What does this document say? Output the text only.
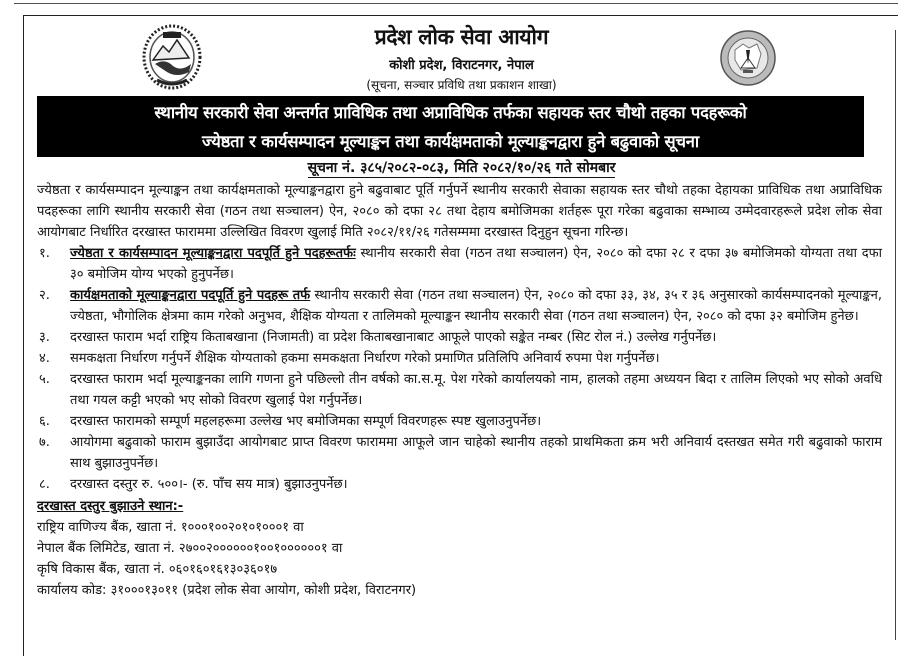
प्रदेश लोक सेवा आयोग
कोशी प्रदेश, विराटनगर, नेपाल
(सूचना, सञ्चार प्रविधि तथा प्रकाशन शाखा)
स्थानीय सरकारी सेवा अन्तर्गत प्राविधिक तथा अप्राविधिक तर्फका सहायक स्तर चौथो तहका पदहरूको
ज्येष्ठता र कार्यसम्पादन मूल्याङ्कन तथा कार्यक्षमताको मूल्याङ्कनद्वारा हुने बढुवाको सूचना
सूचना नं. ३८५/२०८२-०८३, मिति २०८२/१०/२६ गते सोमबार

ज्येष्ठता र कार्यसम्पादन मूल्याङ्कन तथा कार्यक्षमताको मूल्याङ्कनद्वारा हुने बढुवाबाट पूर्ति गर्नुपर्ने स्थानीय सरकारी सेवाका सहायक स्तर चौथो तहका देहायका प्राविधिक तथा अप्राविधिक पदहरूका लागि स्थानीय सरकारी सेवा (गठन तथा सञ्चालन) ऐन, २०८० को दफा २८ तथा देहाय बमोजिमका शर्तहरू पूरा गरेका बढुवाका सम्भाव्य उम्मेदवारहरूले प्रदेश लोक सेवा आयोगबाट निर्धारित दरखास्त फाराममा उल्लिखित विवरण खुलाई मिति २०८२/११/२६ गतेसम्ममा दरखास्त दिनुहुन सूचना गरिन्छ।

१. ज्येष्ठता र कार्यसम्पादन मूल्याङ्कनद्वारा पदपूर्ति हुने पदहरूतर्फः स्थानीय सरकारी सेवा (गठन तथा सञ्चालन) ऐन, २०८० को दफा २८ र दफा ३७ बमोजिमको योग्यता तथा दफा ३० बमोजिम योग्य भएको हुनुपर्नेछ।
२. कार्यक्षमताको मूल्याङ्कनद्वारा पदपूर्ति हुने पदहरू तर्फ स्थानीय सरकारी सेवा (गठन तथा सञ्चालन) ऐन, २०८० को दफा ३३, ३४, ३५ र ३६ अनुसारको कार्यसम्पादनको मूल्याङ्कन, ज्येष्ठता, भौगोलिक क्षेत्रमा काम गरेको अनुभव, शैक्षिक योग्यता र तालिमको मूल्याङ्कन स्थानीय सरकारी सेवा (गठन तथा सञ्चालन) ऐन, २०८० को दफा ३२ बमोजिम हुनेछ।
३. दरखास्त फाराम भर्दा राष्ट्रिय किताबखाना (निजामती) वा प्रदेश किताबखानाबाट आफूले पाएको सङ्केत नम्बर (सिट रोल नं.) उल्लेख गर्नुपर्नेछ।
४. समकक्षता निर्धारण गर्नुपर्ने शैक्षिक योग्यताको हकमा समकक्षता निर्धारण गरेको प्रमाणित प्रतिलिपि अनिवार्य रुपमा पेश गर्नुपर्नेछ।
५. दरखास्त फाराम भर्दा मूल्याङ्कनका लागि गणना हुने पछिल्लो तीन वर्षको का.स.मू. पेश गरेको कार्यालयको नाम, हालको तहमा अध्ययन बिदा र तालिम लिएको भए सोको अवधि तथा गयल कट्टी भएको भए सोको विवरण खुलाई पेश गर्नुपर्नेछ।
६. दरखास्त फारामको सम्पूर्ण महलहरूमा उल्लेख भए बमोजिमका सम्पूर्ण विवरणहरू स्पष्ट खुलाउनुपर्नेछ।
७. आयोगमा बढुवाको फाराम बुझाउँदा आयोगबाट प्राप्त विवरण फाराममा आफूले जान चाहेको स्थानीय तहको प्राथमिकता क्रम भरी अनिवार्य दस्तखत समेत गरी बढुवाको फाराम साथ बुझाउनुपर्नेछ।
८. दरखास्त दस्तुर रु. ५००।- (रु. पाँच सय मात्र) बुझाउनुपर्नेछ।
दरखास्त दस्तुर बुझाउने स्थान:-

राष्ट्रिय वाणिज्य बैंक, खाता नं. १०००१००२०१०१०००१ वा

नेपाल बैंक लिमिटेड, खाता नं. २७००२००००००१००१००००००१ वा

कृषि विकास बैंक, खाता नं. ०६०१६०१६१३०३६०१७

कार्यालय कोड: ३१०००१३०११ (प्रदेश लोक सेवा आयोग, कोशी प्रदेश, विराटनगर)
